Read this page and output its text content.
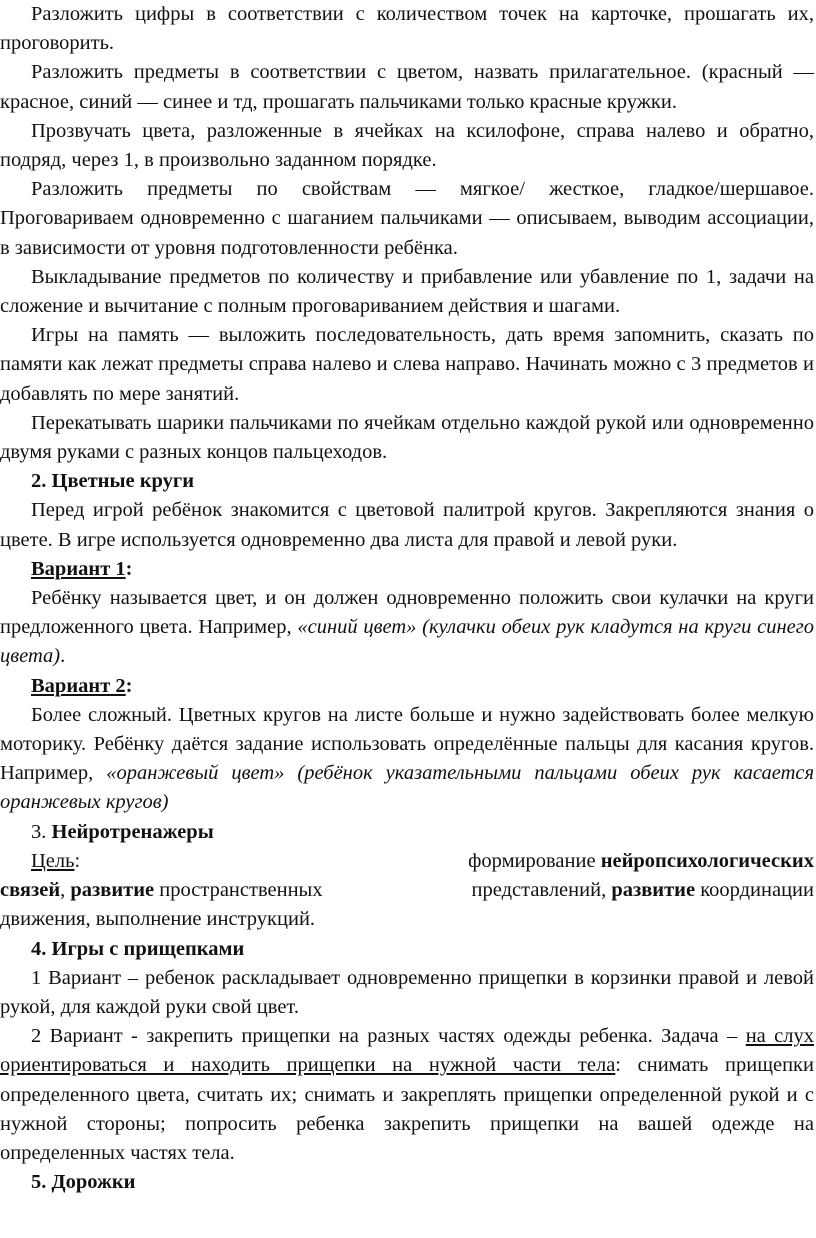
Разложить цифры в соответствии с количеством точек на карточке, прошагать их, проговорить.

Разложить предметы в соответствии с цветом, назвать прилагательное. (красный — красное, синий — синее и тд, прошагать пальчиками только красные кружки.

Прозвучать цвета, разложенные в ячейках на ксилофоне, справа налево и обратно, подряд, через 1, в произвольно заданном порядке.

Разложить предметы по свойствам — мягкое/ жесткое, гладкое/шершавое. Проговариваем одновременно с шаганием пальчиками — описываем, выводим ассоциации, в зависимости от уровня подготовленности ребёнка.

Выкладывание предметов по количеству и прибавление или убавление по 1, задачи на сложение и вычитание с полным проговариванием действия и шагами.

Игры на память — выложить последовательность, дать время запомнить, сказать по памяти как лежат предметы справа налево и слева направо. Начинать можно с 3 предметов и добавлять по мере занятий.

Перекатывать шарики пальчиками по ячейкам отдельно каждой рукой или одновременно двумя руками с разных концов пальцеходов.

2. Цветные круги

Перед игрой ребёнок знакомится с цветовой палитрой кругов. Закрепляются знания о цвете. В игре используется одновременно два листа для правой и левой руки.

Вариант 1:

Ребёнку называется цвет, и он должен одновременно положить свои кулачки на круги предложенного цвета. Например, «синий цвет» (кулачки обеих рук кладутся на круги синего цвета).

Вариант 2:

Более сложный. Цветных кругов на листе больше и нужно задействовать более мелкую моторику. Ребёнку даётся задание использовать определённые пальцы для касания кругов. Например, «оранжевый цвет» (ребёнок указательными пальцами обеих рук касается оранжевых кругов)

3. Нейротренажеры

Цель:	формирование нейропсихологических
связей, развитие пространственных	представлений, развитие координации
движения, выполнение инструкций.

4. Игры с прищепками

1 Вариант – ребенок раскладывает одновременно прищепки в корзинки правой и левой рукой, для каждой руки свой цвет.

2 Вариант - закрепить прищепки на разных частях одежды ребенка. Задача – на слух ориентироваться и находить прищепки на нужной части тела: снимать прищепки определенного цвета, считать их; снимать и закреплять прищепки определенной рукой и с нужной стороны; попросить ребенка закрепить прищепки на вашей одежде на определенных частях тела.

5. Дорожки
